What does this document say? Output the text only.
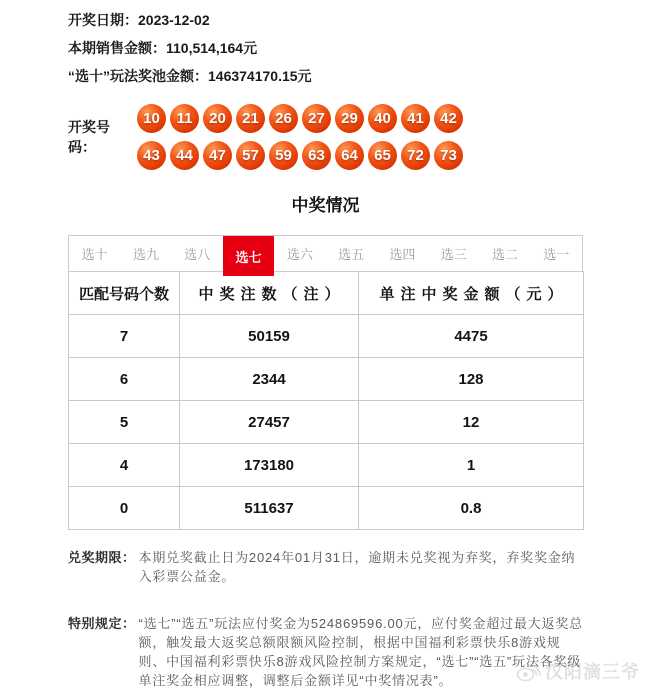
开奖日期：2023-12-02
本期销售金额：110,514,164元
“选十”玩法奖池金额：146374170.15元
开奖号码：
10	11	20	21	26	27	29	40	41	42
43	44	47	57	59	63	64	65	72	73
中奖情况
选十	选九	选八	选七	选六	选五	选四	选三	选二	选一
匹配号码个数	中奖注数（注）	单注中奖金额（元）
7	50159	4475
6	2344	128
5	27457	12
4	173180	1
0	511637	0.8
兑奖期限： 本期兑奖截止日为2024年01月31日，逾期未兑奖视为弃奖，弃奖奖金纳入彩票公益金。
特别规定： “选七”“选五”玩法应付奖金为524869596.00元，应付奖金超过最大返奖总额，触发最大返奖总额限额风险控制，根据中国福利彩票快乐8游戏规则、中国福利彩票快乐8游戏风险控制方案规定，“选七”“选五”玩法各奖级单注奖金相应调整，调整后金额详见“中奖情况表”。	汉阳滴三爷
